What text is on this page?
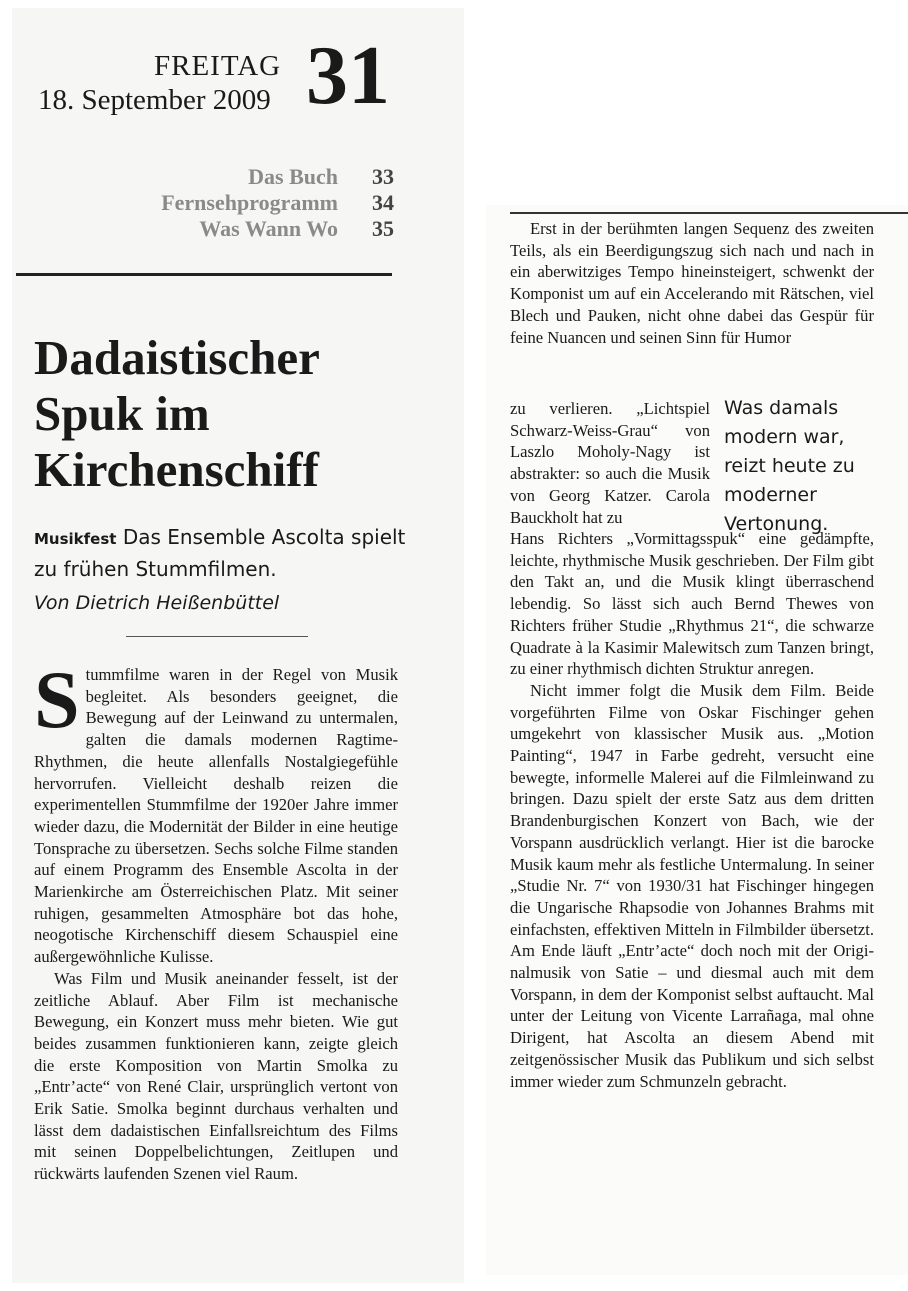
FREITAG
18. September 2009 31
Das Buch	33
Fernsehprogramm	34
Was Wann Wo	35
Dadaistischer Spuk im Kirchenschiff
Musikfest Das Ensemble Ascolta spielt zu frühen Stummfilmen.
Von Dietrich Heißenbüttel

Stummfilme waren in der Regel von Musik begleitet. Als besonders geeignet, die Bewegung auf der Leinwand zu untermalen, galten die damals modernen Ragtime-Rhythmen, die heute allenfalls Nostalgiegefühle hervorrufen. Vielleicht deshalb reizen die experimentellen Stummfilme der 1920er Jahre immer wieder dazu, die Modernität der Bilder in eine heutige Tonsprache zu übersetzen. Sechs solche Filme standen auf einem Programm des Ensemble Ascolta in der Marienkirche am Österreichischen Platz. Mit seiner ruhigen, gesammelten Atmosphäre bot das hohe, neogotische Kirchenschiff diesem Schauspiel eine außergewöhnliche Kulisse.

Was Film und Musik aneinander fesselt, ist der zeitliche Ablauf. Aber Film ist mechanische Bewegung, ein Konzert muss mehr bieten. Wie gut beides zusammen funktionieren kann, zeigte gleich die erste Komposition von Martin Smolka zu „Entr’acte“ von René Clair, ursprünglich vertont von Erik Satie. Smolka beginnt durchaus verhalten und lässt dem dadaistischen Einfallsreichtum des Films mit seinen Doppelbelichtungen, Zeitlupen und rückwärts laufenden Szenen viel Raum.

Erst in der berühmten langen Sequenz des zweiten Teils, als ein Beerdigungszug sich nach und nach in ein aberwitziges Tempo hineinsteigert, schwenkt der Komponist um auf ein Accelerando mit Rätschen, viel Blech und Pauken, nicht ohne dabei das Gespür für feine Nuancen und seinen Sinn für Humor

zu verlieren. „Lichtspiel Schwarz-Weiss-Grau“ von Laszlo Moholy-Nagy ist abstrakter: so auch die Musik von Georg Katzer. Carola Bauckholt hat zu

Was damals modern war, reizt heute zu moderner Vertonung.

Hans Richters „Vormittagsspuk“ eine gedämpfte, leichte, rhythmische Musik geschrieben. Der Film gibt den Takt an, und die Musik klingt überraschend lebendig. So lässt sich auch Bernd Thewes von Richters früher Studie „Rhythmus 21“, die schwarze Quadrate à la Kasimir Malewitsch zum Tanzen bringt, zu einer rhythmisch dichten Struktur anregen.

Nicht immer folgt die Musik dem Film. Beide vorgeführten Filme von Oskar Fischinger gehen umgekehrt von klassischer Musik aus. „Motion Painting“, 1947 in Farbe gedreht, versucht eine bewegte, informelle Malerei auf die Filmleinwand zu bringen. Dazu spielt der erste Satz aus dem dritten Brandenburgischen Konzert von Bach, wie der Vorspann ausdrücklich verlangt. Hier ist die barocke Musik kaum mehr als festliche Untermalung. In seiner „Studie Nr. 7“ von 1930/31 hat Fischinger hingegen die Ungarische Rhapsodie von Johannes Brahms mit einfachsten, effektiven Mitteln in Filmbilder übersetzt. Am Ende läuft „Entr’acte“ doch noch mit der Originalmusik von Satie – und diesmal auch mit dem Vorspann, in dem der Komponist selbst auftaucht. Mal unter der Leitung von Vicente Larrañaga, mal ohne Dirigent, hat Ascolta an diesem Abend mit zeitgenössischer Musik das Publikum und sich selbst immer wieder zum Schmunzeln gebracht.
